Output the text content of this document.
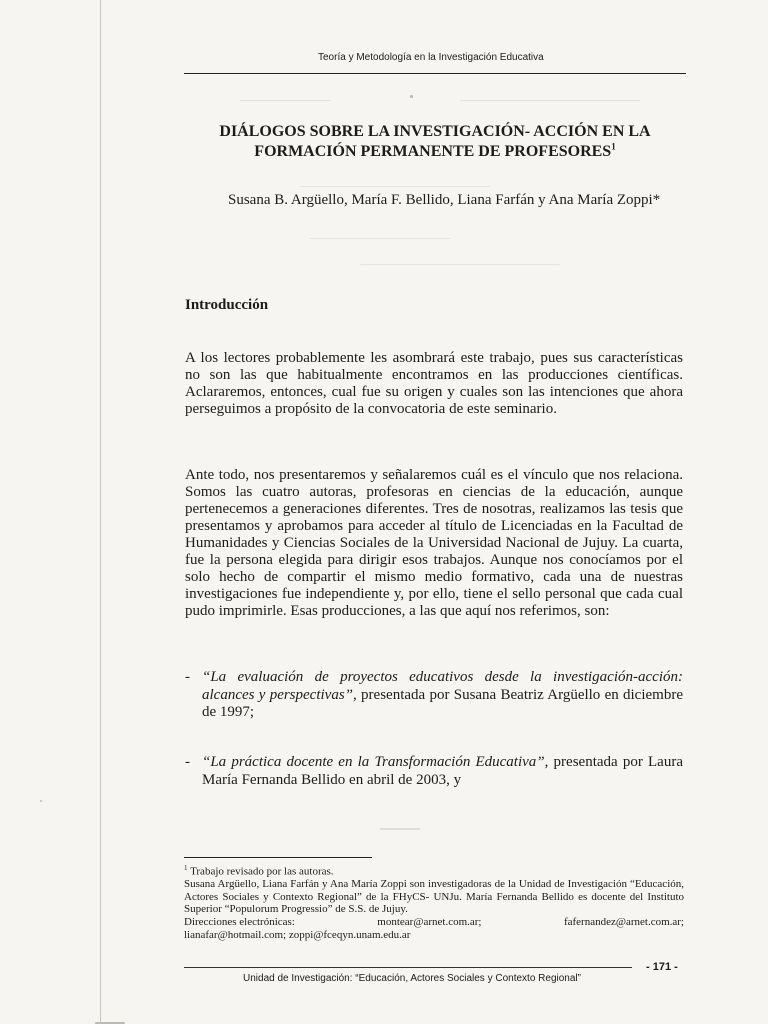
Teoría y Metodología en la Investigación Educativa
DIÁLOGOS SOBRE LA INVESTIGACIÓN- ACCIÓN EN LA
FORMACIÓN PERMANENTE DE PROFESORES$^1$
Susana B. Argüello, María F. Bellido, Liana Farfán y Ana María Zoppi*
Introducción

A los lectores probablemente les asombrará este trabajo, pues sus características no son las que habitualmente encontramos en las producciones científicas. Aclararemos, entonces, cual fue su origen y cuales son las intenciones que ahora perseguimos a propósito de la convocatoria de este seminario.

Ante todo, nos presentaremos y señalaremos cuál es el vínculo que nos relaciona. Somos las cuatro autoras, profesoras en ciencias de la educación, aunque pertenecemos a generaciones diferentes. Tres de nosotras, realizamos las tesis que presentamos y aprobamos para acceder al título de Licenciadas en la Facultad de Humanidades y Ciencias Sociales de la Universidad Nacional de Jujuy. La cuarta, fue la persona elegida para dirigir esos trabajos. Aunque nos conocíamos por el solo hecho de compartir el mismo medio formativo, cada una de nuestras investigaciones fue independiente y, por ello, tiene el sello personal que cada cual pudo imprimirle. Esas producciones, a las que aquí nos referimos, son:

- “La evaluación de proyectos educativos desde la investigación-acción: alcances y perspectivas”, presentada por Susana Beatriz Argüello en diciembre de 1997;
- “La práctica docente en la Transformación Educativa”, presentada por Laura María Fernanda Bellido en abril de 2003, y

$^1$ Trabajo revisado por las autoras.

Susana Argüello, Liana Farfán y Ana María Zoppi son investigadoras de la Unidad de Investigación “Educación, Actores Sociales y Contexto Regional” de la FHyCS- UNJu. María Fernanda Bellido es docente del Instituto Superior “Populorum Progressio” de S.S. de Jujuy.

Direcciones electrónicas:	montear@arnet.com.ar;	fafernandez@arnet.com.ar;

lianafar@hotmail.com; zoppi@fceqyn.unam.edu.ar

- 171 -
Unidad de Investigación: “Educación, Actores Sociales y Contexto Regional”
